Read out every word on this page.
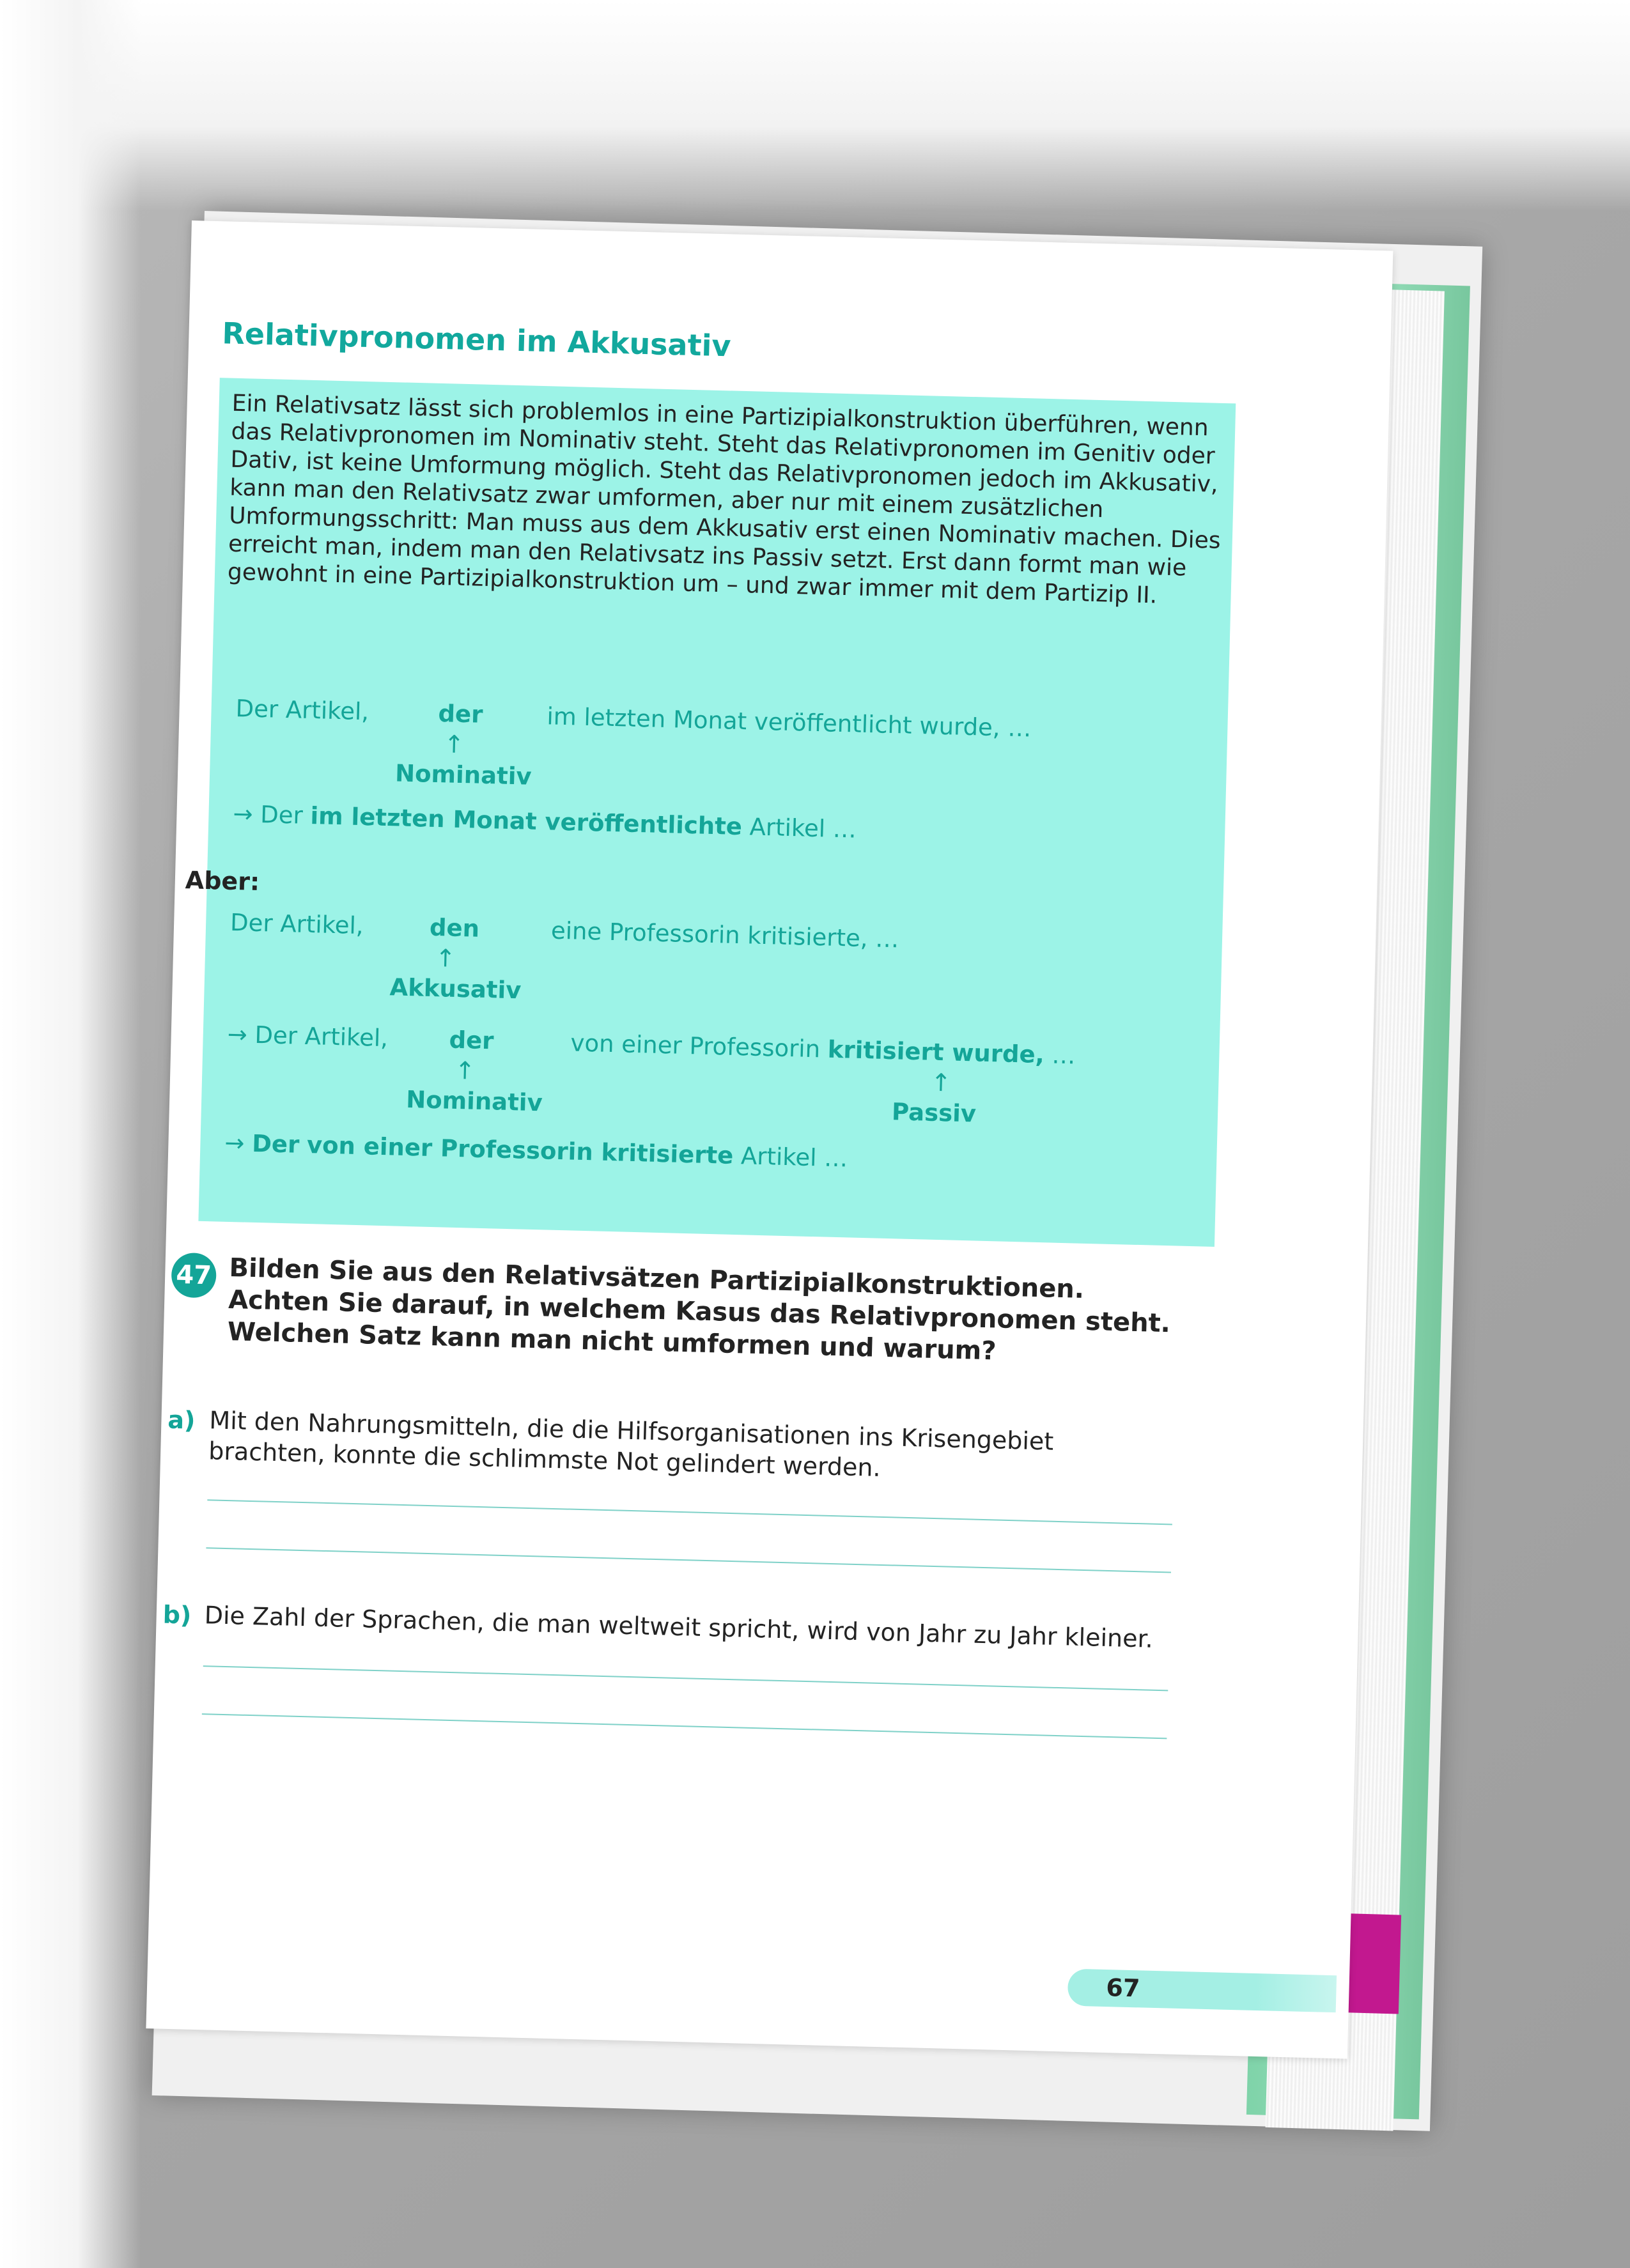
Relativpronomen im Akkusativ

Ein Relativsatz lässt sich problemlos in eine Partizipialkonstruktion überführen, wenn das Relativpronomen im Nominativ steht. Steht das Relativpronomen im Genitiv oder Dativ, ist keine Umformung möglich. Steht das Relativpronomen jedoch im Akkusativ, kann man den Relativsatz zwar umformen, aber nur mit einem zusätzlichen Umformungsschritt: Man muss aus dem Akkusativ erst einen Nominativ machen. Dies erreicht man, indem man den Relativsatz ins Passiv setzt. Erst dann formt man wie gewohnt in eine Partizipialkonstruktion um – und zwar immer mit dem Partizip II.

Der Artikel,	der	im letzten Monat veröffentlicht wurde, …
↑
Nominativ
→ Der im letzten Monat veröffentlichte Artikel …
Aber:
Der Artikel,	den	eine Professorin kritisierte, …
↑
Akkusativ
→ Der Artikel,	der	von einer Professorin kritisiert wurde, …
↑	↑
Nominativ	Passiv
→ Der von einer Professorin kritisierte Artikel …
47 Bilden Sie aus den Relativsätzen Partizipialkonstruktionen. Achten Sie darauf, in welchem Kasus das Relativpronomen steht. Welchen Satz kann man nicht umformen und warum?

a) Mit den Nahrungsmitteln, die die Hilfsorganisationen ins Krisengebiet brachten, konnte die schlimmste Not gelindert werden.

b) Die Zahl der Sprachen, die man weltweit spricht, wird von Jahr zu Jahr kleiner.

67
